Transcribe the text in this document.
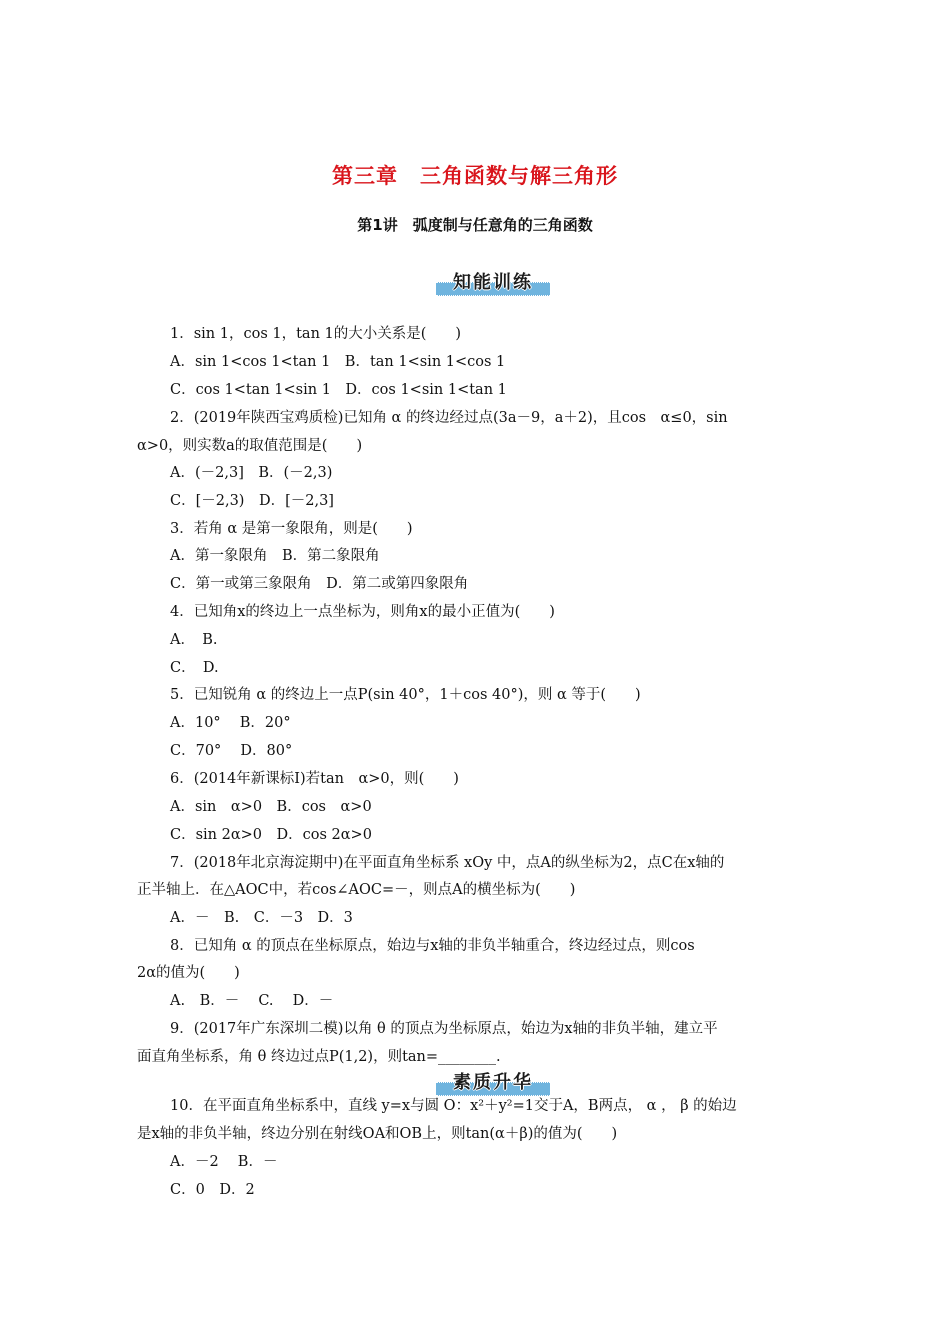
第三章　三角函数与解三角形
第1讲　弧度制与任意角的三角函数
知能训练
1．sin 1，cos 1，tan 1的大小关系是(　　)
A．sin 1<cos 1<tan 1　B．tan 1<sin 1<cos 1
C．cos 1<tan 1<sin 1　D．cos 1<sin 1<tan 1
2．(2019年陕西宝鸡质检)已知角 α 的终边经过点(3a－9，a＋2)，且cos　α≤0，sin
α>0，则实数a的取值范围是(　　)
A．(－2,3]　B．(－2,3)
C．[－2,3)　D．[－2,3]
3．若角 α 是第一象限角，则是(　　)
A．第一象限角　B．第二象限角
C．第一或第三象限角　D．第二或第四象限角
4．已知角x的终边上一点坐标为，则角x的最小正值为(　　)
A．　B.
C．　D.
5．已知锐角 α 的终边上一点P(sin 40°，1＋cos 40°)，则 α 等于(　　)
A．10°　 B．20°
C．70°　 D．80°
6．(2014年新课标Ⅰ)若tan　α>0，则(　　)
A．sin　α>0　B．cos　α>0
C．sin 2α>0　D．cos 2α>0
7．(2018年北京海淀期中)在平面直角坐标系 xOy 中，点A的纵坐标为2，点C在x轴的
正半轴上．在△AOC中，若cos∠AOC=－，则点A的横坐标为(　　)
A．－　B.　C．－3　D．3
8．已知角 α 的顶点在坐标原点，始边与x轴的非负半轴重合，终边经过点，则cos
2α的值为(　　)
A.　B．－　 C.　 D．－
9．(2017年广东深圳二模)以角 θ 的顶点为坐标原点，始边为x轴的非负半轴，建立平
面直角坐标系，角 θ 终边过点P(1,2)，则tan=________.
素质升华
10．在平面直角坐标系中，直线 y=x与圆 O：x²＋y²=1交于A，B两点， α ， β 的始边
是x轴的非负半轴，终边分别在射线OA和OB上，则tan(α＋β)的值为(　　)
A．－2　 B．－
C．0　D．2
